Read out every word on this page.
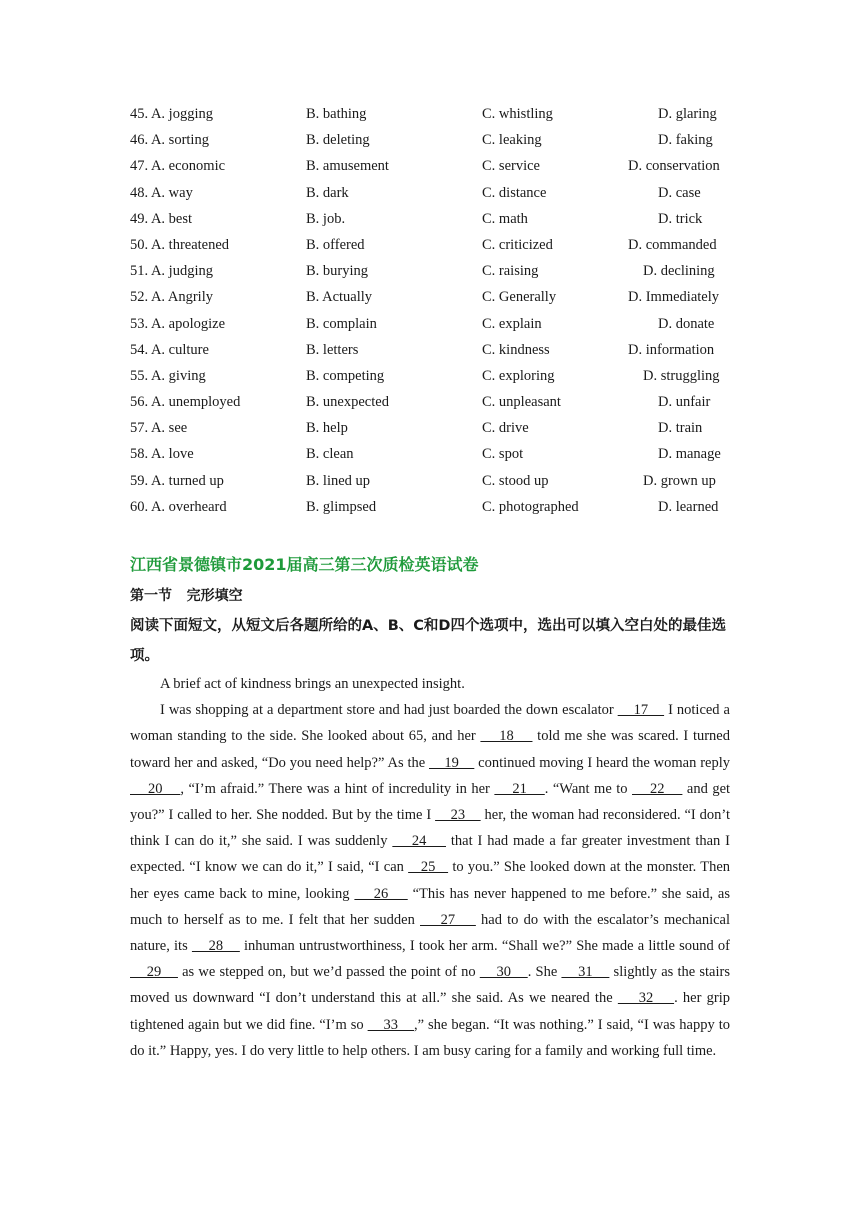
45. A. jogging	B. bathing	C. whistling	D. glaring
46. A. sorting	B. deleting	C. leaking	D. faking
47. A. economic	B. amusement	C. service	D. conservation
48. A. way	B. dark	C. distance	D. case
49. A. best	B. job.	C. math	D. trick
50. A. threatened	B. offered	C. criticized	D. commanded
51. A. judging	B. burying	C. raising	D. declining
52. A. Angrily	B. Actually	C. Generally	D. Immediately
53. A. apologize	B. complain	C. explain	D. donate
54. A. culture	B. letters	C. kindness	D. information
55. A. giving	B. competing	C. exploring	D. struggling
56. A. unemployed	B. unexpected	C. unpleasant	D. unfair
57. A. see	B. help	C. drive	D. train
58. A. love	B. clean	C. spot	D. manage
59. A. turned up	B. lined up	C. stood up	D. grown up
60. A. overheard	B. glimpsed	C. photographed	D. learned
江西省景德镇市2021届高三第三次质检英语试卷
第一节   完形填空
阅读下面短文，从短文后各题所给的A、B、C和D四个选项中，选出可以填入空白处的最佳选项。

A brief act of kindness brings an unexpected insight.

I was shopping at a department store and had just boarded the down escalator     17     I noticed a woman standing to the side. She looked about 65, and her     18     told me she was scared. I turned toward her and asked, “Do you need help?” As the     19     continued moving I heard the woman reply     20    , “I’m afraid.” There was a hint of incredulity in her     21    . “Want me to     22     and get you?” I called to her. She nodded. But by the time I     23     her, the woman had reconsidered. “I don’t think I can do it,” she said. I was suddenly     24     that I had made a far greater investment than I expected. “I know we can do it,” I said, “I can    25    to you.” She looked down at the monster. Then her eyes came back to mine, looking     26     “This has never happened to me before.” she said, as much to herself as to me. I felt that her sudden     27     had to do with the escalator’s mechanical nature, its     28     inhuman untrustworthiness, I took her arm. “Shall we?” She made a little sound of     29     as we stepped on, but we’d passed the point of no     30    . She     31     slightly as the stairs moved us downward “I don’t understand this at all.” she said. As we neared the     32    . her grip tightened again but we did fine. “I’m so     33    ,” she began. “It was nothing.” I said, “I was happy to do it.” Happy, yes. I do very little to help others. I am busy caring for a family and working full time.
